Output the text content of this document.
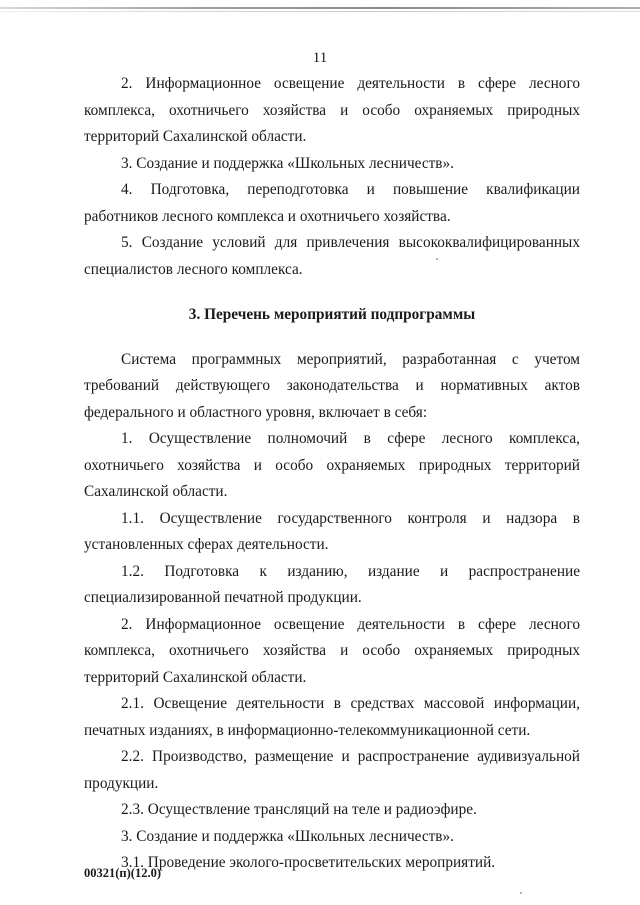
11

2. Информационное освещение деятельности в сфере лесного комплекса, охотничьего хозяйства и особо охраняемых природных территорий Сахалинской области.

3. Создание и поддержка «Школьных лесничеств».

4. Подготовка, переподготовка и повышение квалификации работников лесного комплекса и охотничьего хозяйства.

5. Создание условий для привлечения высококвалифицированных специалистов лесного комплекса.

3. Перечень мероприятий подпрограммы

Система программных мероприятий, разработанная с учетом требований действующего законодательства и нормативных актов федерального и областного уровня, включает в себя:

1. Осуществление полномочий в сфере лесного комплекса, охотничьего хозяйства и особо охраняемых природных территорий Сахалинской области.

1.1. Осуществление государственного контроля и надзора в установленных сферах деятельности.

1.2. Подготовка к изданию, издание и распространение специализированной печатной продукции.

2. Информационное освещение деятельности в сфере лесного комплекса, охотничьего хозяйства и особо охраняемых природных территорий Сахалинской области.

2.1. Освещение деятельности в средствах массовой информации, печатных изданиях, в информационно-телекоммуникационной сети.

2.2. Производство, размещение и распространение аудивизуальной продукции.

2.3. Осуществление трансляций на теле и радиоэфире.

3. Создание и поддержка «Школьных лесничеств».

3.1. Проведение эколого-просветительских мероприятий.

00321(п)(12.0)
